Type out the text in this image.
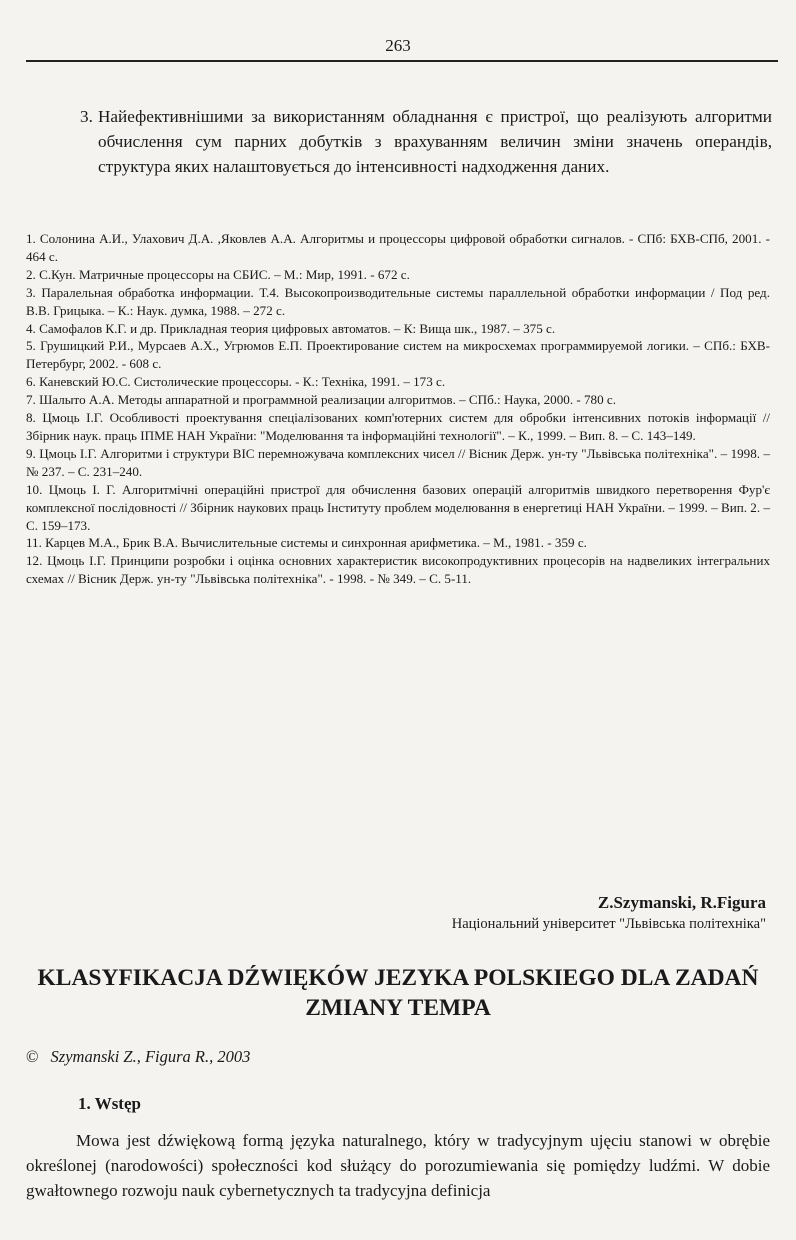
263
3. Найефективнішими за використанням обладнання є пристрої, що реалізують алгоритми обчислення сум парних добутків з врахуванням величин зміни значень операндів, структура яких налаштовується до інтенсивності надходження даних.

1. Солонина А.И., Улахович Д.А. ,Яковлев А.А. Алгоритмы и процессоры цифровой обработки сигналов. - СПб: БХВ-СПб, 2001. - 464 с.

2. С.Кун. Матричные процессоры на СБИС. – М.: Мир, 1991. - 672 с.

3. Паралельная обработка информации. Т.4. Высокопроизводительные системы параллельной обработки информации / Под ред. В.В. Грицыка. – К.: Наук. думка, 1988. – 272 с.

4. Самофалов К.Г. и др. Прикладная теория цифровых автоматов. – К: Вища шк., 1987. – 375 с.

5. Грушицкий Р.И., Мурсаев А.Х., Угрюмов Е.П. Проектирование систем на микросхемах программируемой логики. – СПб.: БХВ-Петербург, 2002. - 608 с.

6. Каневский Ю.С. Систолические процессоры. - К.: Техніка, 1991. – 173 с.

7. Шалыто А.А. Методы аппаратной и программной реализации алгоритмов. – СПб.: Наука, 2000. - 780 с.

8. Цмоць І.Г. Особливості проектування спеціалізованих комп'ютерних систем для обробки інтенсивних потоків інформації // Збірник наук. праць ІПМЕ НАН України: "Моделювання та інформаційні технології". – К., 1999. – Вип. 8. – С. 143–149.

9. Цмоць І.Г. Алгоритми і структури ВІС перемножувача комплексних чисел // Вісник Держ. ун-ту "Львівська політехніка". – 1998. – № 237. – С. 231–240.

10. Цмоць І. Г. Алгоритмічні операційні пристрої для обчислення базових операцій алгоритмів швидкого перетворення Фур'є комплексної послідовності // Збірник наукових праць Інституту проблем моделювання в енергетиці НАН України. – 1999. – Вип. 2. – С. 159–173.

11. Карцев М.А., Брик В.А. Вычислительные системы и синхронная арифметика. – М., 1981. - 359 с.

12. Цмоць І.Г. Принципи розробки і оцінка основних характеристик високопродуктивних процесорів на надвеликих інтегральних схемах // Вісник Держ. ун-ту "Львівська політехніка". - 1998. - № 349. – С. 5-11.

Z.Szymanski, R.Figura
Національний університет "Львівська політехніка"
KLASYFIKACJA DŹWIĘKÓW JEZYKA POLSKIEGO DLA ZADAŃ ZMIANY TEMPA
© Szymanski Z., Figura R., 2003
1. Wstęp
Mowa jest dźwiękową formą języka naturalnego, który w tradycyjnym ujęciu stanowi w obrębie określonej (narodowości) społeczności kod służący do porozumiewania się pomiędzy ludźmi. W dobie gwałtownego rozwoju nauk cybernetycznych ta tradycyjna definicja
